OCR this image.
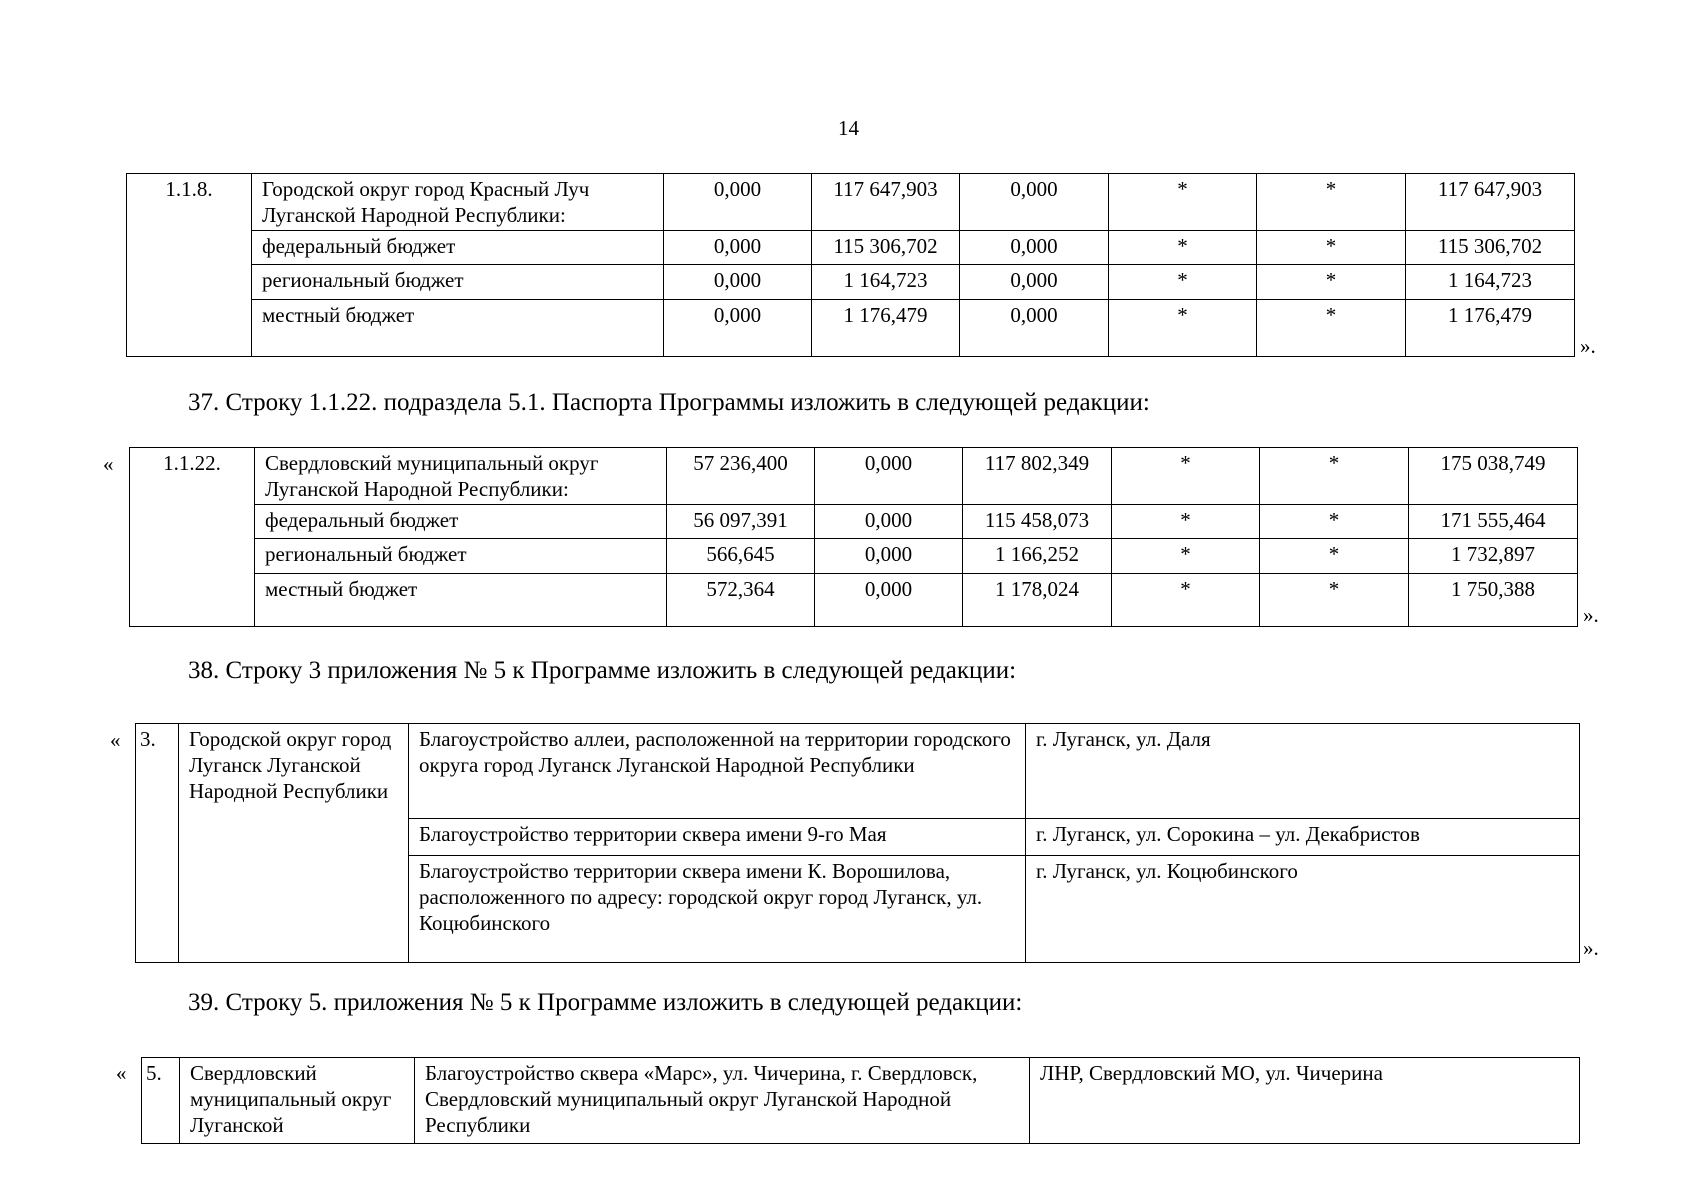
14
1.1.8.	Городской округ город Красный Луч Луганской Народной Республики:	0,000	117 647,903	0,000	*	*	117 647,903
	федеральный бюджет	0,000	115 306,702	0,000	*	*	115 306,702
	региональный бюджет	0,000	1 164,723	0,000	*	*	1 164,723
	местный бюджет	0,000	1 176,479	0,000	*	*	1 176,479
».
37. Строку 1.1.22. подраздела 5.1. Паспорта Программы изложить в следующей редакции:
« 1.1.22.	Свердловский муниципальный округ Луганской Народной Республики:	57 236,400	0,000	117 802,349	*	*	175 038,749
	федеральный бюджет	56 097,391	0,000	115 458,073	*	*	171 555,464
	региональный бюджет	566,645	0,000	1 166,252	*	*	1 732,897
	местный бюджет	572,364	0,000	1 178,024	*	*	1 750,388
».
38. Строку 3 приложения № 5 к Программе изложить в следующей редакции:
« 3.	Городской округ город Луганск Луганской Народной Республики	Благоустройство аллеи, расположенной на территории городского округа город Луганск Луганской Народной Республики	г. Луганск, ул. Даля
		Благоустройство территории сквера имени 9-го Мая	г. Луганск, ул. Сорокина – ул. Декабристов
		Благоустройство территории сквера имени К. Ворошилова, расположенного по адресу: городской округ город Луганск, ул. Коцюбинского	г. Луганск, ул. Коцюбинского
».
39. Строку 5. приложения № 5 к Программе изложить в следующей редакции:
« 5.	Свердловский муниципальный округ Луганской	Благоустройство сквера «Марс», ул. Чичерина, г. Свердловск, Свердловский муниципальный округ Луганской Народной Республики	ЛНР, Свердловский МО, ул. Чичерина
